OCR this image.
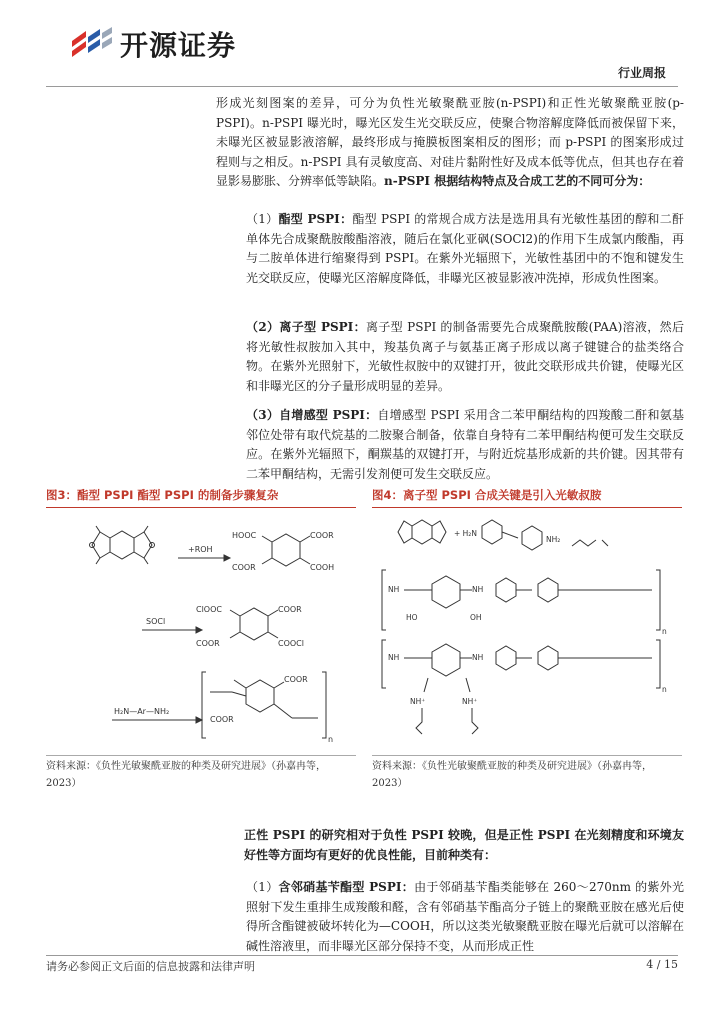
开源证券
行业周报
形成光刻图案的差异，可分为负性光敏聚酰亚胺(n-PSPI)和正性光敏聚酰亚胺(p-PSPI)。n-PSPI 曝光时，曝光区发生光交联反应，使聚合物溶解度降低而被保留下来，未曝光区被显影液溶解，最终形成与掩膜板图案相反的图形；而 p-PSPI 的图案形成过程则与之相反。n-PSPI 具有灵敏度高、对硅片黏附性好及成本低等优点，但其也存在着显影易膨胀、分辨率低等缺陷。n-PSPI 根据结构特点及合成工艺的不同可分为：
（1）酯型 PSPI：酯型 PSPI 的常规合成方法是选用具有光敏性基团的醇和二酐单体先合成聚酰胺酸酯溶液，随后在氯化亚砜(SOCl2)的作用下生成氯内酸酯，再与二胺单体进行缩聚得到 PSPI。在紫外光辐照下，光敏性基团中的不饱和键发生光交联反应，使曝光区溶解度降低，非曝光区被显影液冲洗掉，形成负性图案。
（2）离子型 PSPI：离子型 PSPI 的制备需要先合成聚酰胺酸(PAA)溶液，然后将光敏性叔胺加入其中，羧基负离子与氨基正离子形成以离子键键合的盐类络合物。在紫外光照射下，光敏性叔胺中的双键打开，彼此交联形成共价键，使曝光区和非曝光区的分子量形成明显的差异。
（3）自增感型 PSPI：自增感型 PSPI 采用含二苯甲酮结构的四羧酸二酐和氨基邻位处带有取代烷基的二胺聚合制备，依靠自身特有二苯甲酮结构便可发生交联反应。在紫外光辐照下，酮羰基的双键打开，与附近烷基形成新的共价键。因其带有二苯甲酮结构，无需引发剂便可发生交联反应。
图3：酯型 PSPI 酯型 PSPI 的制备步骤复杂	图4：离子型 PSPI 合成关键是引入光敏叔胺
+ROH
HOOC	COOR
COOR	COOH
SOCl
ClOOC	COOR
COOR	COOCl
H₂N—Ar—NH₂
COOR
COOR
n
+ H₂N
NH₂
NH	NH
HO	OH
n
NH	NH
NH⁺	NH⁺
n
资料来源：《负性光敏聚酰亚胺的种类及研究进展》（孙嘉冉等，2023）
资料来源：《负性光敏聚酰亚胺的种类及研究进展》（孙嘉冉等，2023）
正性 PSPI 的研究相对于负性 PSPI 较晚，但是正性 PSPI 在光刻精度和环境友好性等方面均有更好的优良性能，目前种类有：
（1）含邻硝基苄酯型 PSPI：由于邻硝基苄酯类能够在 260～270nm 的紫外光照射下发生重排生成羧酸和醛，含有邻硝基苄酯高分子链上的聚酰亚胺在感光后使得所含酯键被破坏转化为—COOH，所以这类光敏聚酰亚胺在曝光后就可以溶解在碱性溶液里，而非曝光区部分保持不变，从而形成正性
请务必参阅正文后面的信息披露和法律声明	4 / 15
